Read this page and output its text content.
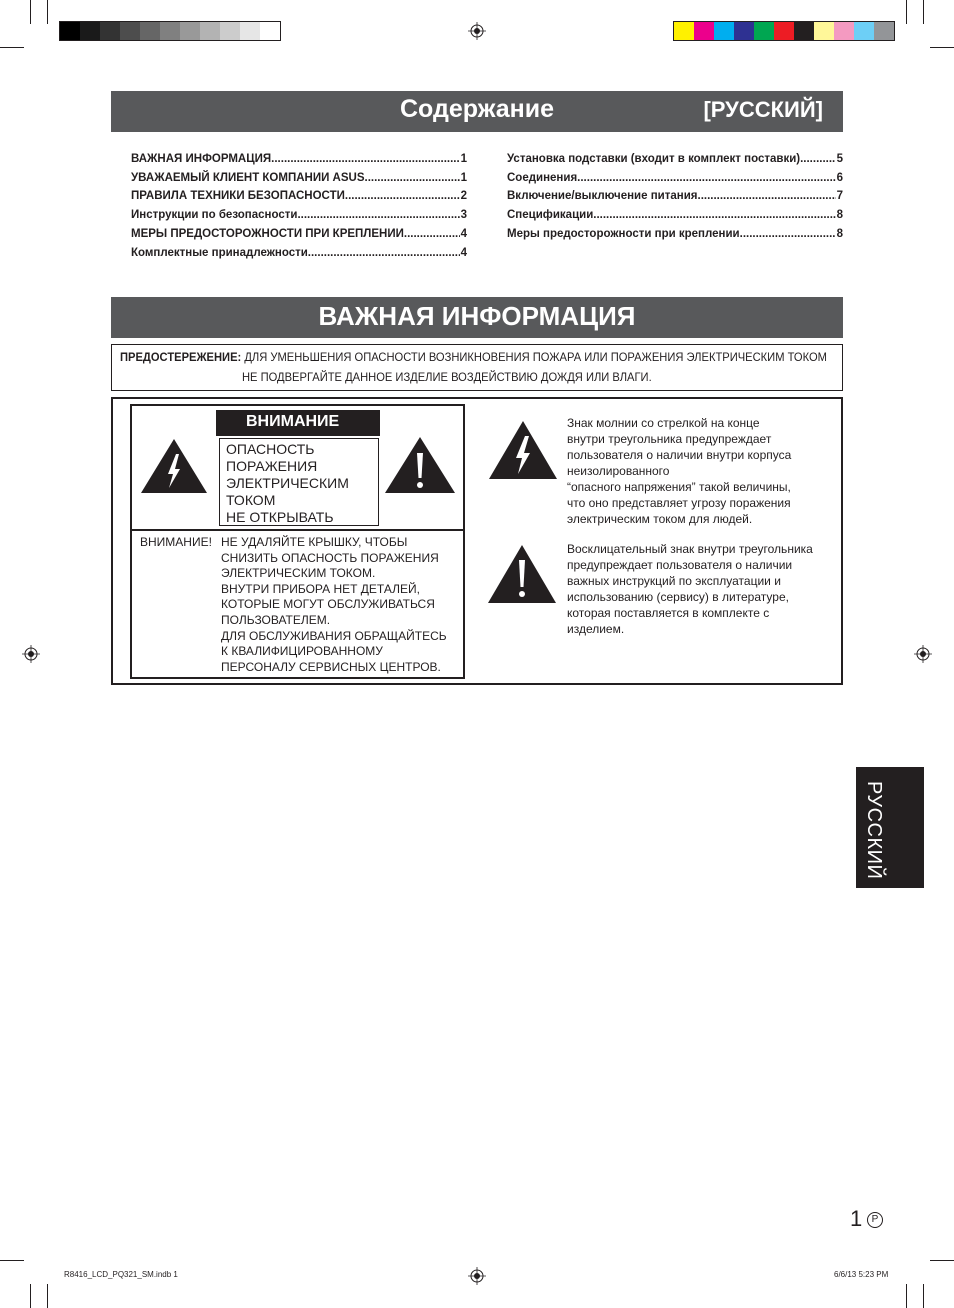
Содержание	[РУССКИЙ]
ВАЖНАЯ ИНФОРМАЦИЯ .....	1
УВАЖАЕМЫЙ КЛИЕНТ КОМПАНИИ ASUS .....	1
ПРАВИЛА ТЕХНИКИ БЕЗОПАСНОСТИ .....	2
Инструкции по безопасности .....	3
МЕРЫ ПРЕДОСТОРОЖНОСТИ ПРИ КРЕПЛЕНИИ .....	4
Комплектные принадлежности .....	4
Установка подставки (входит в комплект поставки) .....	5
Соединения .....	6
Включение/выключение питания .....	7
Спецификации .....	8
Меры предосторожности при креплении .....	8
ВАЖНАЯ ИНФОРМАЦИЯ
ПРЕДОСТЕРЕЖЕНИЕ: ДЛЯ УМЕНЬШЕНИЯ ОПАСНОСТИ ВОЗНИКНОВЕНИЯ ПОЖАРА ИЛИ ПОРАЖЕНИЯ ЭЛЕКТРИЧЕСКИМ ТОКОМ
НЕ ПОДВЕРГАЙТЕ ДАННОЕ ИЗДЕЛИЕ ВОЗДЕЙСТВИЮ ДОЖДЯ ИЛИ ВЛАГИ.
ВНИМАНИЕ
ОПАСНОСТЬ
ПОРАЖЕНИЯ
ЭЛЕКТРИЧЕСКИМ
ТОКОМ
НЕ ОТКРЫВАТЬ
ВНИМАНИЕ! НЕ УДАЛЯЙТЕ КРЫШКУ, ЧТОБЫ
СНИЗИТЬ ОПАСНОСТЬ ПОРАЖЕНИЯ
ЭЛЕКТРИЧЕСКИМ ТОКОМ.
ВНУТРИ ПРИБОРА НЕТ ДЕТАЛЕЙ,
КОТОРЫЕ МОГУТ ОБСЛУЖИВАТЬСЯ
ПОЛЬЗОВАТЕЛЕМ.
ДЛЯ ОБСЛУЖИВАНИЯ ОБРАЩАЙТЕСЬ
К КВАЛИФИЦИРОВАННОМУ
ПЕРСОНАЛУ СЕРВИСНЫХ ЦЕНТРОВ.
Знак молнии со стрелкой на конце
внутри треугольника предупреждает
пользователя о наличии внутри корпуса
неизолированного
“опасного напряжения” такой величины,
что оно представляет угрозу поражения
электрическим током для людей.
Восклицательный знак внутри треугольника
предупреждает пользователя о наличии
важных инструкций по эксплуатации и
использованию (сервису) в литературе,
которая поставляется в комплекте с
изделием.
РУССКИЙ
1 P
R8416_LCD_PQ321_SM.indb 1	6/6/13 5:23 PM
